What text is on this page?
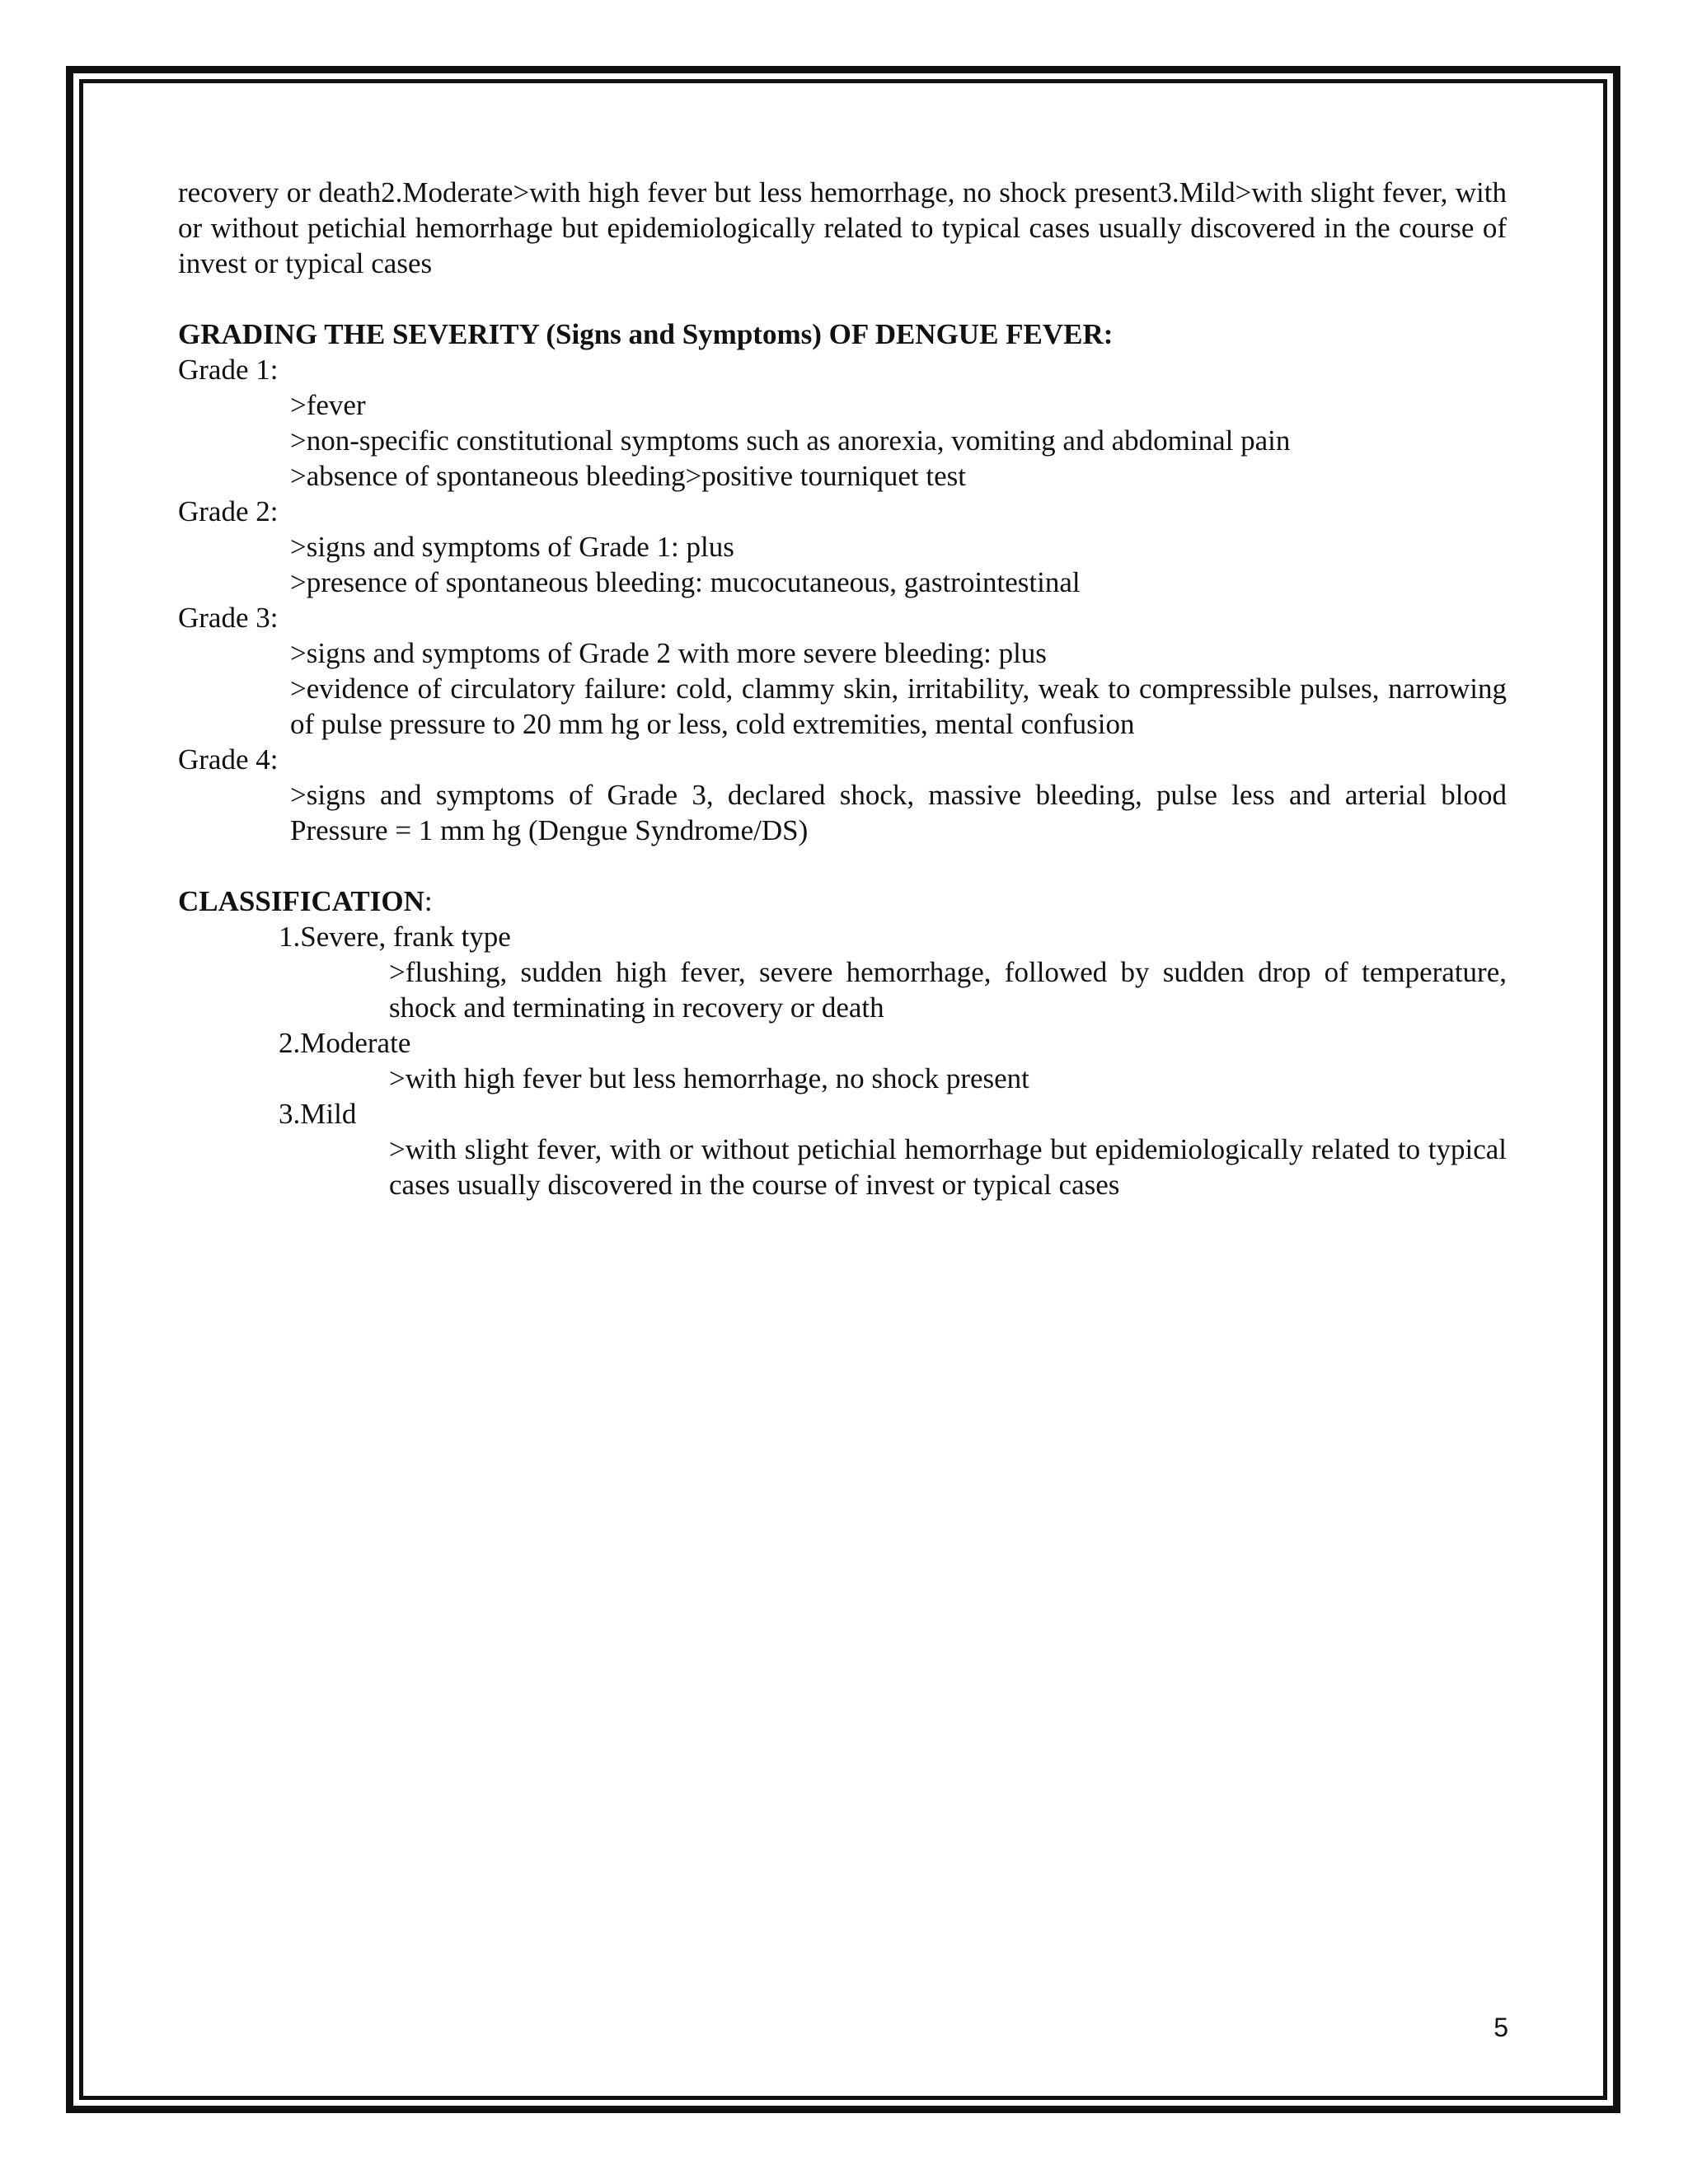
recovery or death2.Moderate>with high fever but less hemorrhage, no shock present3.Mild>with slight fever, with or without petichial hemorrhage but epidemiologically related to typical cases usually discovered in the course of invest or typical cases

GRADING THE SEVERITY (Signs and Symptoms) OF DENGUE FEVER:

Grade 1:

>fever

>non-specific constitutional symptoms such as anorexia, vomiting and abdominal pain

>absence of spontaneous bleeding>positive tourniquet test

Grade 2:

>signs and symptoms of Grade 1: plus

>presence of spontaneous bleeding: mucocutaneous, gastrointestinal

Grade 3:

>signs and symptoms of Grade 2 with more severe bleeding: plus

>evidence of circulatory failure: cold, clammy skin, irritability, weak to compressible pulses, narrowing of pulse pressure to 20 mm hg or less, cold extremities, mental confusion

Grade 4:

>signs and symptoms of Grade 3, declared shock, massive bleeding, pulse less and arterial blood Pressure = 1 mm hg (Dengue Syndrome/DS)

CLASSIFICATION:

1.Severe, frank type

>flushing, sudden high fever, severe hemorrhage, followed by sudden drop of temperature, shock and terminating in recovery or death

2.Moderate

>with high fever but less hemorrhage, no shock present

3.Mild

>with slight fever, with or without petichial hemorrhage but epidemiologically related to typical cases usually discovered in the course of invest or typical cases

5
